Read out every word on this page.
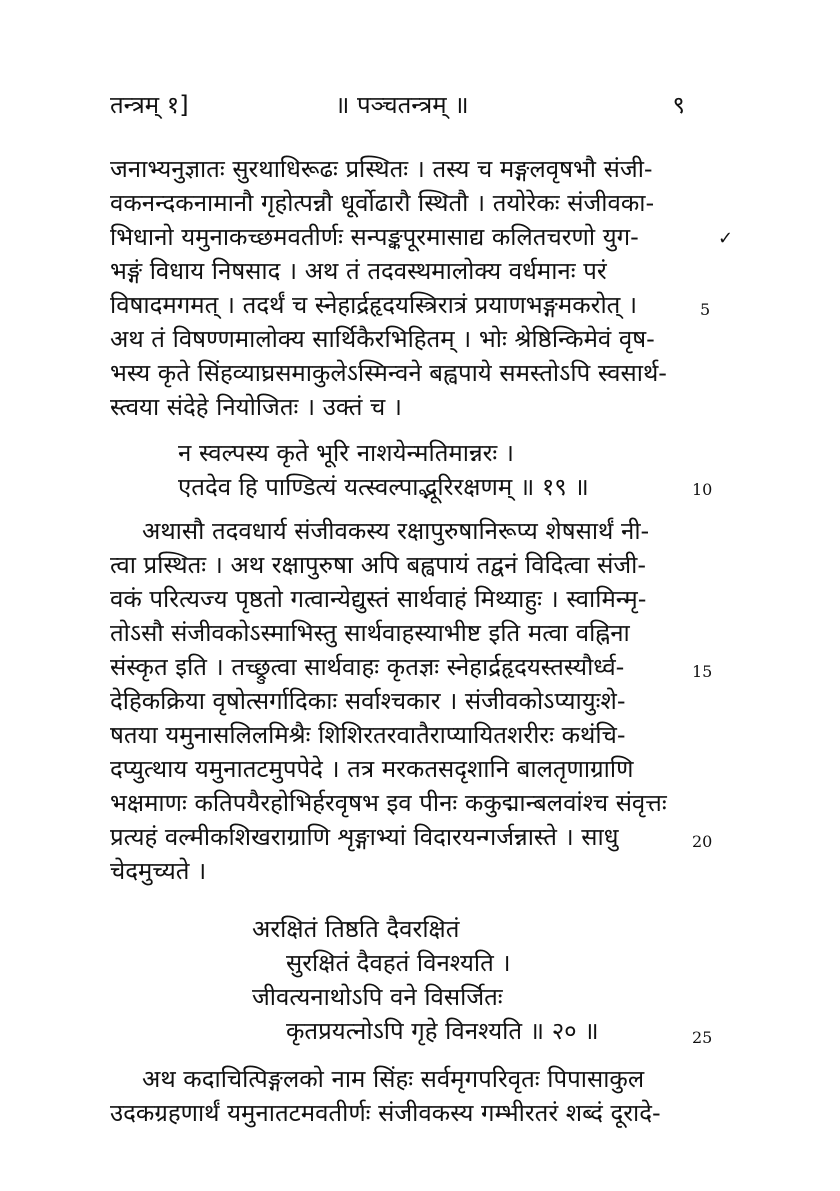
तन्त्रम् १]	॥ पञ्चतन्त्रम् ॥	९
✓
जनाभ्यनुज्ञातः सुरथाधिरूढः प्रस्थितः । तस्य च मङ्गलवृषभौ संजी-
वकनन्दकनामानौ गृहोत्पन्नौ धूर्वोढारौ स्थितौ । तयोरेकः संजीवका-
भिधानो यमुनाकच्छमवतीर्णः सन्पङ्कपूरमासाद्य कलितचरणो युग-
भङ्गं विधाय निषसाद । अथ तं तदवस्थमालोक्य वर्धमानः परं
विषादमगमत् । तदर्थं च स्नेहार्द्रहृदयस्त्रिरात्रं प्रयाणभङ्गमकरोत् ।
अथ तं विषण्णमालोक्य सार्थिकैरभिहितम् । भोः श्रेष्ठिन्किमेवं वृष-
भस्य कृते सिंहव्याघ्रसमाकुलेऽस्मिन्वने बह्वपाये समस्तोऽपि स्वसार्थ-
स्त्वया संदेहे नियोजितः । उक्तं च ।
न स्वल्पस्य कृते भूरि नाशयेन्मतिमान्नरः ।
एतदेव हि पाण्डित्यं यत्स्वल्पाद्भूरिरक्षणम् ॥ १९ ॥
अथासौ तदवधार्य संजीवकस्य रक्षापुरुषानिरूप्य शेषसार्थं नी-
त्वा प्रस्थितः । अथ रक्षापुरुषा अपि बह्वपायं तद्वनं विदित्वा संजी-
वकं परित्यज्य पृष्ठतो गत्वान्येद्युस्तं सार्थवाहं मिथ्याहुः । स्वामिन्मृ-
तोऽसौ संजीवकोऽस्माभिस्तु सार्थवाहस्याभीष्ट इति मत्वा वह्निना
संस्कृत इति । तच्छ्रुत्वा सार्थवाहः कृतज्ञः स्नेहार्द्रहृदयस्तस्यौर्ध्व-
देहिकक्रिया वृषोत्सर्गादिकाः सर्वाश्चकार । संजीवकोऽप्यायुःशे-
षतया यमुनासलिलमिश्रैः शिशिरतरवातैराप्यायितशरीरः कथंचि-
दप्युत्थाय यमुनातटमुपपेदे । तत्र मरकतसदृशानि बालतृणाग्राणि
भक्षमाणः कतिपयैरहोभिर्हरवृषभ इव पीनः ककुद्मान्बलवांश्च संवृत्तः
प्रत्यहं वल्मीकशिखराग्राणि शृङ्गाभ्यां विदारयन्गर्जन्नास्ते । साधु
चेदमुच्यते ।
अरक्षितं तिष्ठति दैवरक्षितं
सुरक्षितं दैवहतं विनश्यति ।
जीवत्यनाथोऽपि वने विसर्जितः
कृतप्रयत्नोऽपि गृहे विनश्यति ॥ २० ॥
अथ कदाचित्पिङ्गलको नाम सिंहः सर्वमृगपरिवृतः पिपासाकुल
उदकग्रहणार्थं यमुनातटमवतीर्णः संजीवकस्य गम्भीरतरं शब्दं दूरादे-
5
10
15
20
25
